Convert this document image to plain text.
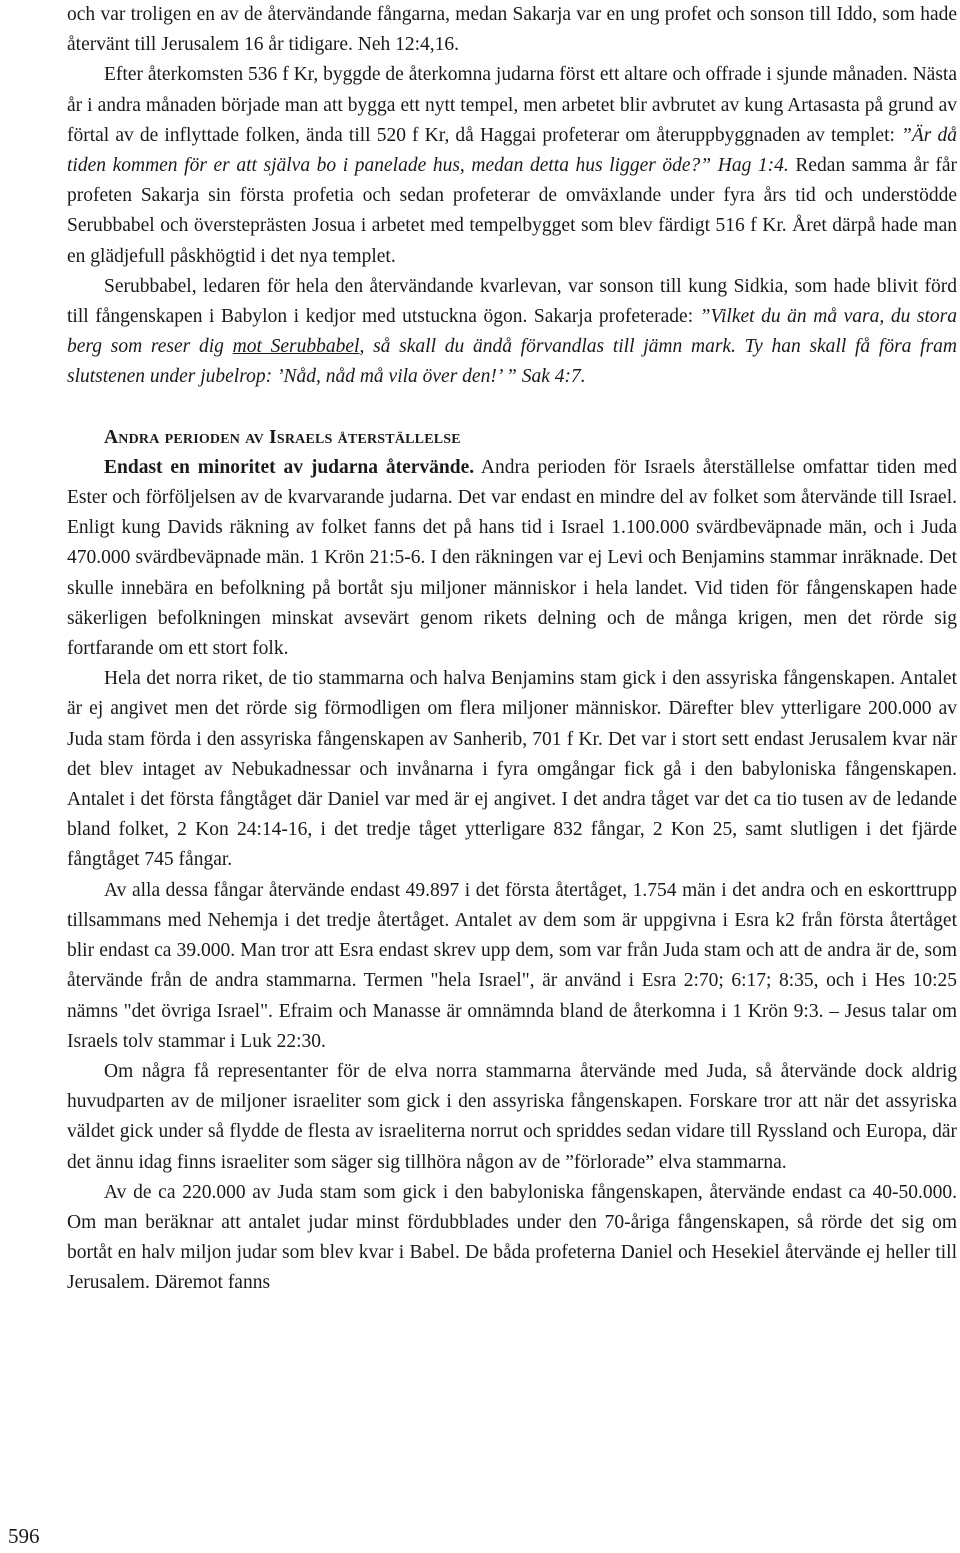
och var troligen en av de återvändande fångarna, medan Sakarja var en ung profet och sonson till Iddo, som hade återvänt till Jerusalem 16 år tidigare. Neh 12:4,16.

Efter återkomsten 536 f Kr, byggde de återkomna judarna först ett altare och offrade i sjunde månaden. Nästa år i andra månaden började man att bygga ett nytt tempel, men arbetet blir avbrutet av kung Artasasta på grund av förtal av de inflyttade folken, ända till 520 f Kr, då Haggai profeterar om återuppbyggnaden av templet: ”Är då tiden kommen för er att själva bo i panelade hus, medan detta hus ligger öde?” Hag 1:4. Redan samma år får profeten Sakarja sin första profetia och sedan profeterar de omväxlande under fyra års tid och understödde Serubbabel och översteprästen Josua i arbetet med tempelbygget som blev färdigt 516 f Kr. Året därpå hade man en glädjefull påskhögtid i det nya templet.

Serubbabel, ledaren för hela den återvändande kvarlevan, var sonson till kung Sidkia, som hade blivit förd till fångenskapen i Babylon i kedjor med utstuckna ögon. Sakarja profeterade: ”Vilket du än må vara, du stora berg som reser dig mot Serubbabel, så skall du ändå förvandlas till jämn mark. Ty han skall få föra fram slutstenen under jubelrop: ’Nåd, nåd må vila över den!’ ” Sak 4:7.

Andra perioden av Israels återställelse

Endast en minoritet av judarna återvände. Andra perioden för Israels återställelse omfattar tiden med Ester och förföljelsen av de kvarvarande judarna. Det var endast en mindre del av folket som återvände till Israel. Enligt kung Davids räkning av folket fanns det på hans tid i Israel 1.100.000 svärdbeväpnade män, och i Juda 470.000 svärdbeväpnade män. 1 Krön 21:5-6. I den räkningen var ej Levi och Benjamins stammar inräknade. Det skulle innebära en befolkning på bortåt sju miljoner människor i hela landet. Vid tiden för fångenskapen hade säkerligen befolkningen minskat avsevärt genom rikets delning och de många krigen, men det rörde sig fortfarande om ett stort folk.

Hela det norra riket, de tio stammarna och halva Benjamins stam gick i den assyriska fångenskapen. Antalet är ej angivet men det rörde sig förmodligen om flera miljoner människor. Därefter blev ytterligare 200.000 av Juda stam förda i den assyriska fångenskapen av Sanherib, 701 f Kr. Det var i stort sett endast Jerusalem kvar när det blev intaget av Nebukadnessar och invånarna i fyra omgångar fick gå i den babyloniska fångenskapen. Antalet i det första fångtåget där Daniel var med är ej angivet. I det andra tåget var det ca tio tusen av de ledande bland folket, 2 Kon 24:14-16, i det tredje tåget ytterligare 832 fångar, 2 Kon 25, samt slutligen i det fjärde fångtåget 745 fångar.

Av alla dessa fångar återvände endast 49.897 i det första återtåget, 1.754 män i det andra och en eskorttrupp tillsammans med Nehemja i det tredje återtåget. Antalet av dem som är uppgivna i Esra k2 från första återtåget blir endast ca 39.000. Man tror att Esra endast skrev upp dem, som var från Juda stam och att de andra är de, som återvände från de andra stammarna. Termen "hela Israel", är använd i Esra 2:70; 6:17; 8:35, och i Hes 10:25 nämns "det övriga Israel". Efraim och Manasse är omnämnda bland de återkomna i 1 Krön 9:3. – Jesus talar om Israels tolv stammar i Luk 22:30.

Om några få representanter för de elva norra stammarna återvände med Juda, så återvände dock aldrig huvudparten av de miljoner israeliter som gick i den assyriska fångenskapen. Forskare tror att när det assyriska väldet gick under så flydde de flesta av israeliterna norrut och spriddes sedan vidare till Ryssland och Europa, där det ännu idag finns israeliter som säger sig tillhöra någon av de ”förlorade” elva stammarna.

Av de ca 220.000 av Juda stam som gick i den babyloniska fångenskapen, återvände endast ca 40-50.000. Om man beräknar att antalet judar minst fördubblades under den 70-åriga fångenskapen, så rörde det sig om bortåt en halv miljon judar som blev kvar i Babel. De båda profeterna Daniel och Hesekiel återvände ej heller till Jerusalem. Däremot fanns

596
